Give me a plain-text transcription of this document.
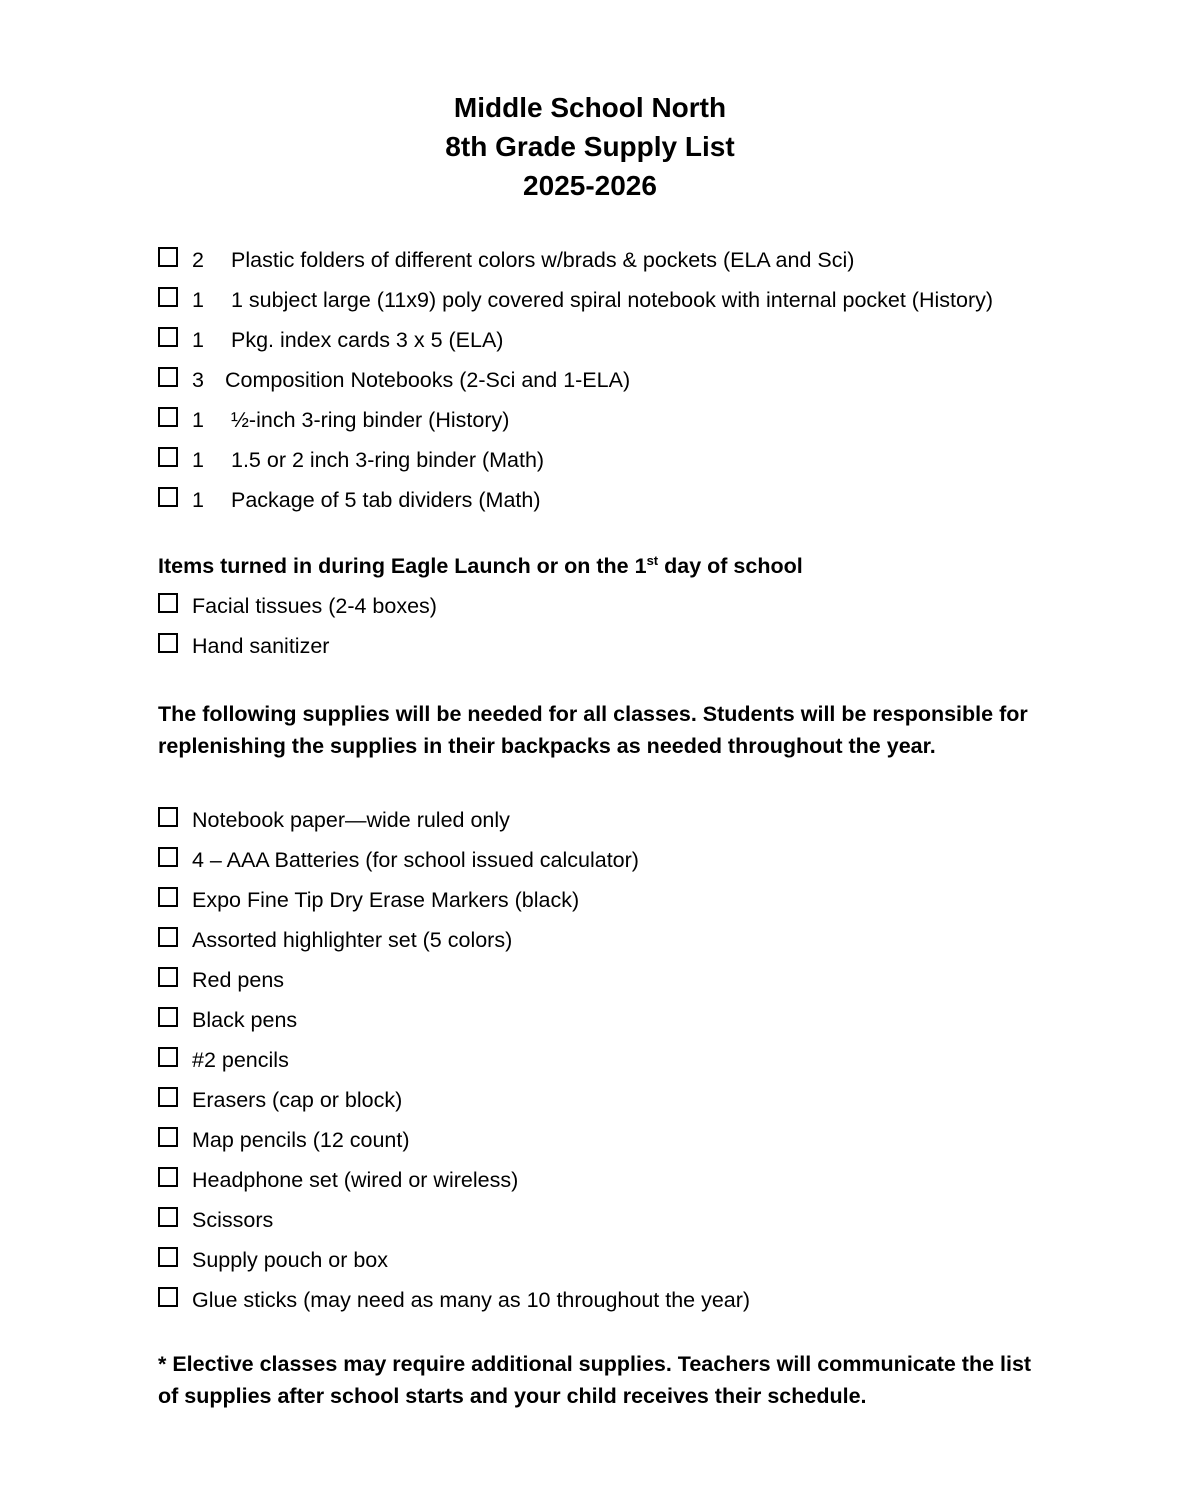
Middle School North
8th Grade Supply List
2025-2026
2	Plastic folders of different colors w/brads & pockets (ELA and Sci)
1	1 subject large (11x9) poly covered spiral notebook with internal pocket (History)
1	Pkg. index cards 3 x 5 (ELA)
3 Composition Notebooks (2-Sci and 1-ELA)
1	½-inch 3-ring binder (History)
1	1.5 or 2 inch 3-ring binder (Math)
1	Package of 5 tab dividers (Math)
Items turned in during Eagle Launch or on the 1st day of school
Facial tissues (2-4 boxes)
Hand sanitizer
The following supplies will be needed for all classes. Students will be responsible for replenishing the supplies in their backpacks as needed throughout the year.
Notebook paper—wide ruled only
4 – AAA Batteries (for school issued calculator)
Expo Fine Tip Dry Erase Markers (black)
Assorted highlighter set (5 colors)
Red pens
Black pens
#2 pencils
Erasers (cap or block)
Map pencils (12 count)
Headphone set (wired or wireless)
Scissors
Supply pouch or box
Glue sticks (may need as many as 10 throughout the year)
* Elective classes may require additional supplies. Teachers will communicate the list of supplies after school starts and your child receives their schedule.
